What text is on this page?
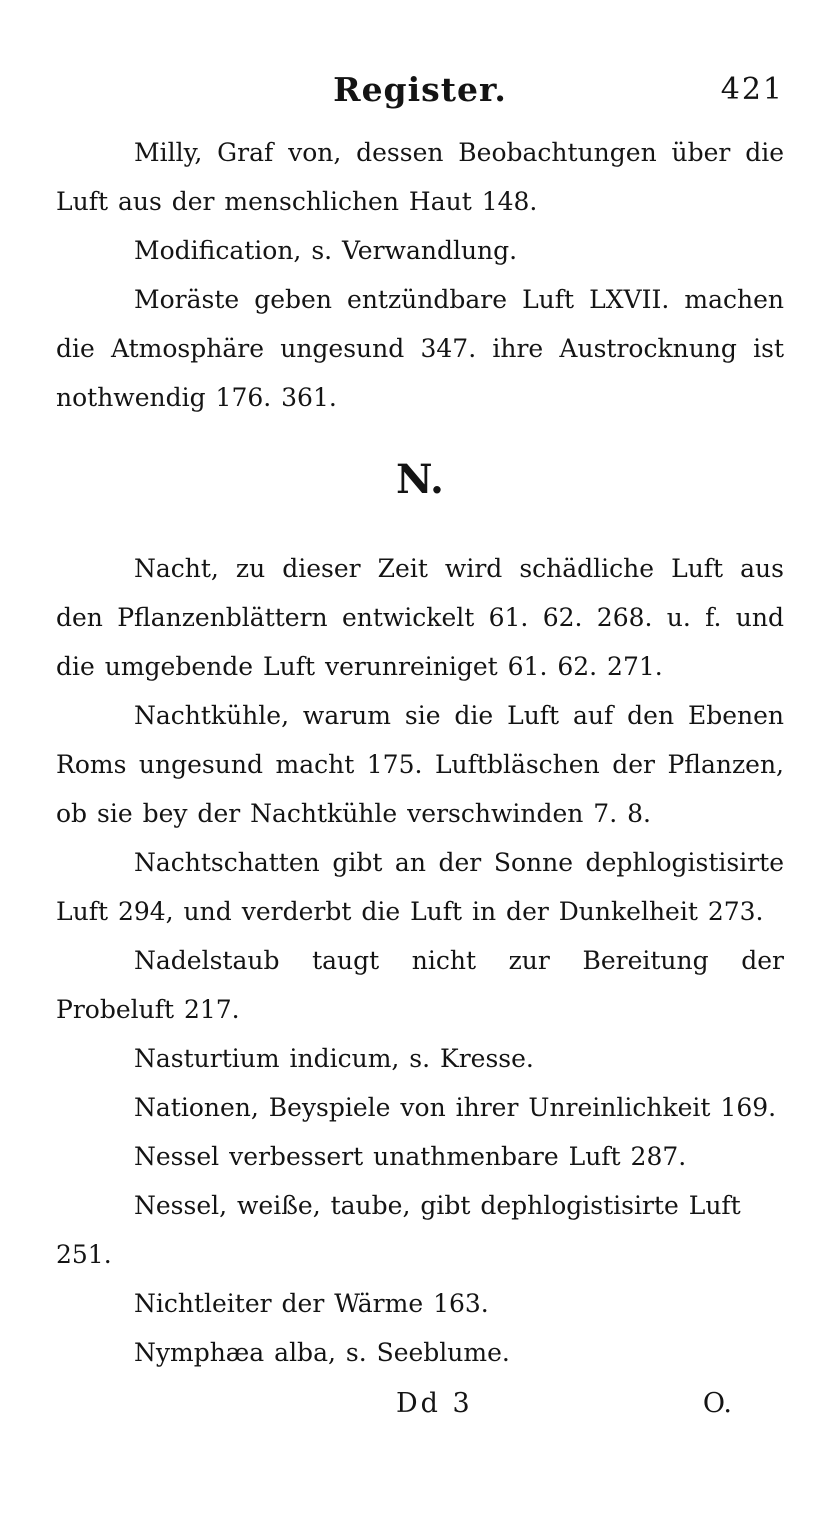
Register.	421

Milly, Graf von, dessen Beobachtungen über die Luft aus der menschlichen Haut 148.

Modification, s. Verwandlung.

Moräste geben entzündbare Luft LXVII. machen die Atmosphäre ungesund 347. ihre Austrocknung ist nothwendig 176. 361.

N.

Nacht, zu dieser Zeit wird schädliche Luft aus den Pflanzenblättern entwickelt 61. 62. 268. u. f. und die umgebende Luft verunreiniget 61. 62. 271.

Nachtkühle, warum sie die Luft auf den Ebenen Roms ungesund macht 175. Luftbläschen der Pflanzen, ob sie bey der Nachtkühle verschwinden 7. 8.

Nachtschatten gibt an der Sonne dephlogistisirte Luft 294, und verderbt die Luft in der Dunkelheit 273.

Nadelstaub taugt nicht zur Bereitung der Probeluft 217.

Nasturtium indicum, s. Kresse.

Nationen, Beyspiele von ihrer Unreinlichkeit 169.

Nessel verbessert unathmenbare Luft 287.

Nessel, weiße, taube, gibt dephlogistisirte Luft 251.

Nichtleiter der Wärme 163.

Nymphæa alba, s. Seeblume.

Dd 3	O.
